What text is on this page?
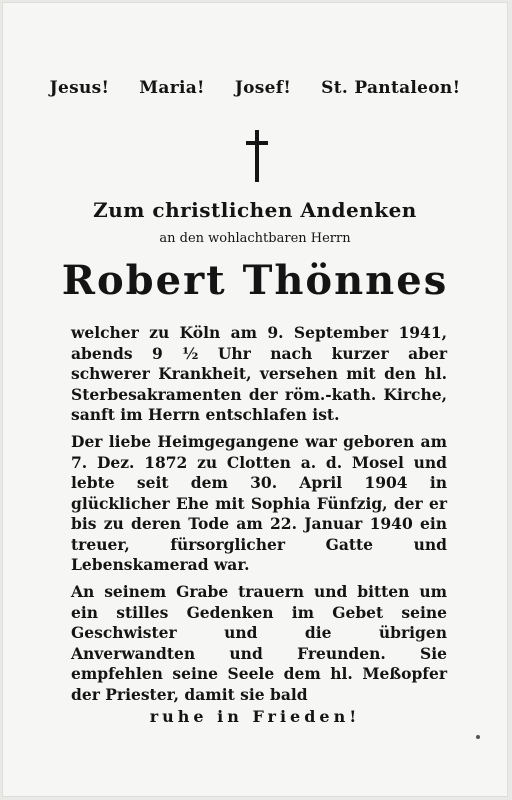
Jesus! Maria! Josef! St. Pantaleon!
Zum christlichen Andenken
an den wohlachtbaren Herrn
Robert Thönnes
welcher zu Köln am 9. September 1941, abends 9 ½ Uhr nach kurzer aber schwerer Krankheit, versehen mit den hl. Sterbesakramenten der röm.-kath. Kirche, sanft im Herrn entschlafen ist.
Der liebe Heimgegangene war geboren am 7. Dez. 1872 zu Clotten a. d. Mosel und lebte seit dem 30. April 1904 in glücklicher Ehe mit Sophia Fünfzig, der er bis zu deren Tode am 22. Januar 1940 ein treuer, fürsorglicher Gatte und Lebenskamerad war.
An seinem Grabe trauern und bitten um ein stilles Gedenken im Gebet seine Geschwister und die übrigen Anverwandten und Freunden. Sie empfehlen seine Seele dem hl. Meßopfer der Priester, damit sie bald
ruhe in Frieden!
